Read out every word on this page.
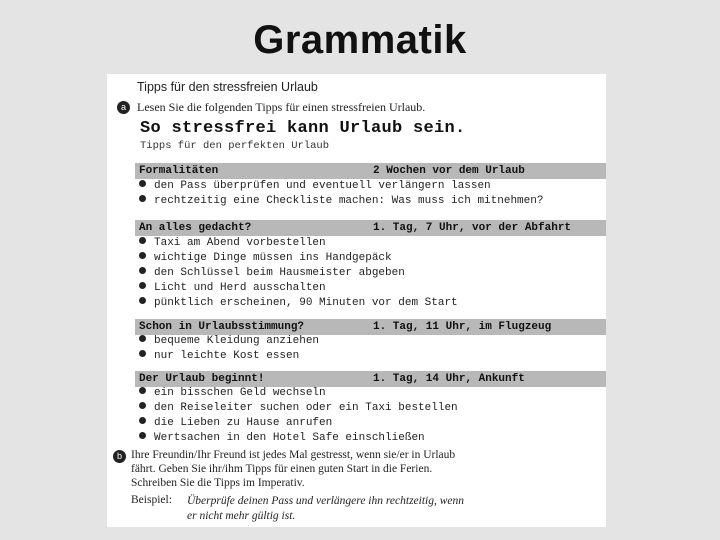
Grammatik
Tipps für den stressfreien Urlaub
a Lesen Sie die folgenden Tipps für einen stressfreien Urlaub.
So stressfrei kann Urlaub sein.
Tipps für den perfekten Urlaub
Formalitäten	2 Wochen vor dem Urlaub
den Pass überprüfen und eventuell verlängern lassen
rechtzeitig eine Checkliste machen: Was muss ich mitnehmen?
An alles gedacht?	1. Tag, 7 Uhr, vor der Abfahrt
Taxi am Abend vorbestellen
wichtige Dinge müssen ins Handgepäck
den Schlüssel beim Hausmeister abgeben
Licht und Herd ausschalten
pünktlich erscheinen, 90 Minuten vor dem Start
Schon in Urlaubsstimmung?	1. Tag, 11 Uhr, im Flugzeug
bequeme Kleidung anziehen
nur leichte Kost essen
Der Urlaub beginnt!	1. Tag, 14 Uhr, Ankunft
ein bisschen Geld wechseln
den Reiseleiter suchen oder ein Taxi bestellen
die Lieben zu Hause anrufen
Wertsachen in den Hotel Safe einschließen
b Ihre Freundin/Ihr Freund ist jedes Mal gestresst, wenn sie/er in Urlaub
fährt. Geben Sie ihr/ihm Tipps für einen guten Start in die Ferien.
Schreiben Sie die Tipps im Imperativ.
Beispiel: Überprüfe deinen Pass und verlängere ihn rechtzeitig, wenn
er nicht mehr gültig ist.
